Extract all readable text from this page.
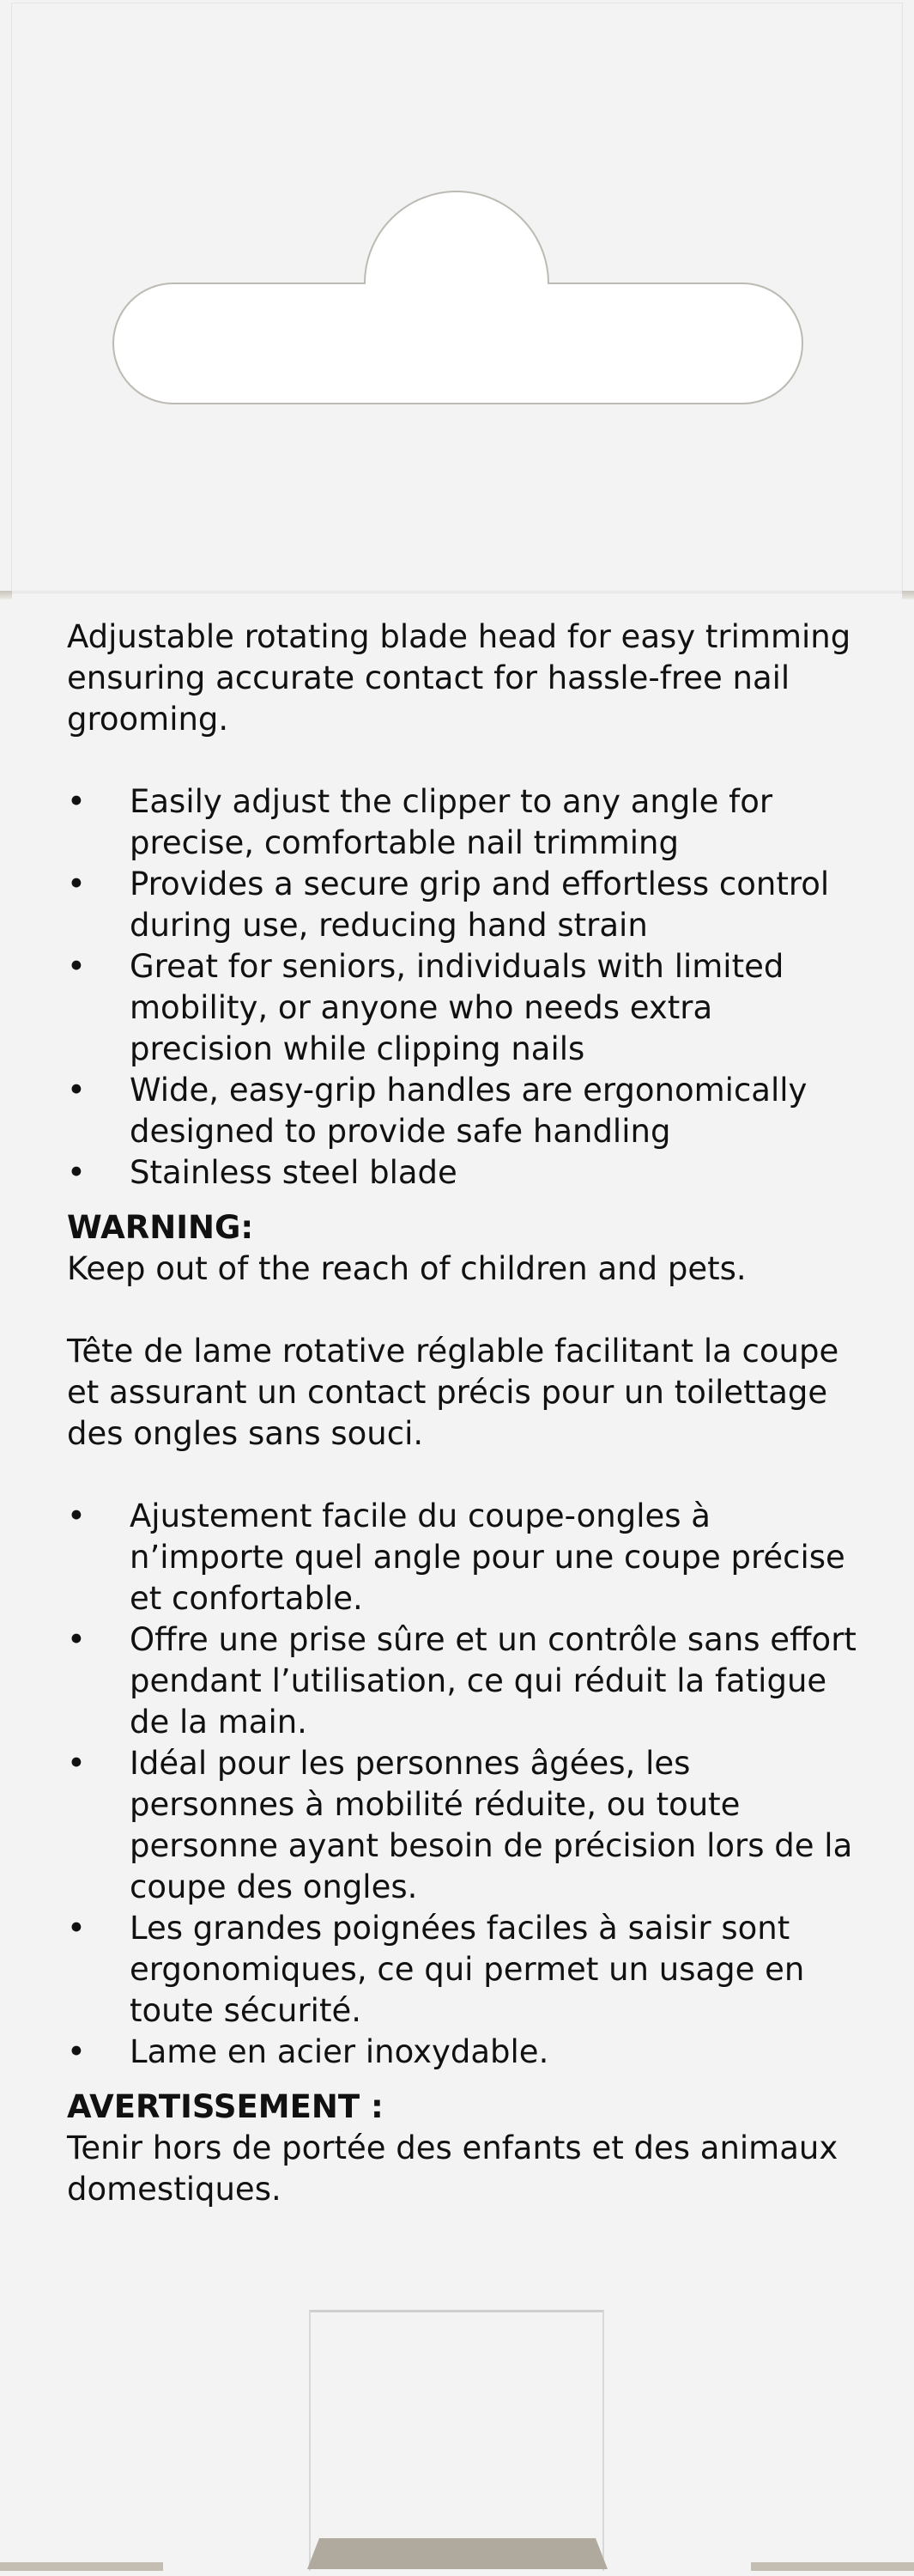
Adjustable rotating blade head for easy trimming ensuring accurate contact for hassle-free nail grooming.

• Easily adjust the clipper to any angle for precise, comfortable nail trimming
• Provides a secure grip and effortless control during use, reducing hand strain
• Great for seniors, individuals with limited mobility, or anyone who needs extra precision while clipping nails
• Wide, easy-grip handles are ergonomically designed to provide safe handling
• Stainless steel blade

WARNING:

Keep out of the reach of children and pets.

Tête de lame rotative réglable facilitant la coupe et assurant un contact précis pour un toilettage des ongles sans souci.

• Ajustement facile du coupe-ongles à n’importe quel angle pour une coupe précise et confortable.
• Offre une prise sûre et un contrôle sans effort pendant l’utilisation, ce qui réduit la fatigue de la main.
• Idéal pour les personnes âgées, les personnes à mobilité réduite, ou toute personne ayant besoin de précision lors de la coupe des ongles.
• Les grandes poignées faciles à saisir sont ergonomiques, ce qui permet un usage en toute sécurité.
• Lame en acier inoxydable.

AVERTISSEMENT :

Tenir hors de portée des enfants et des animaux domestiques.
